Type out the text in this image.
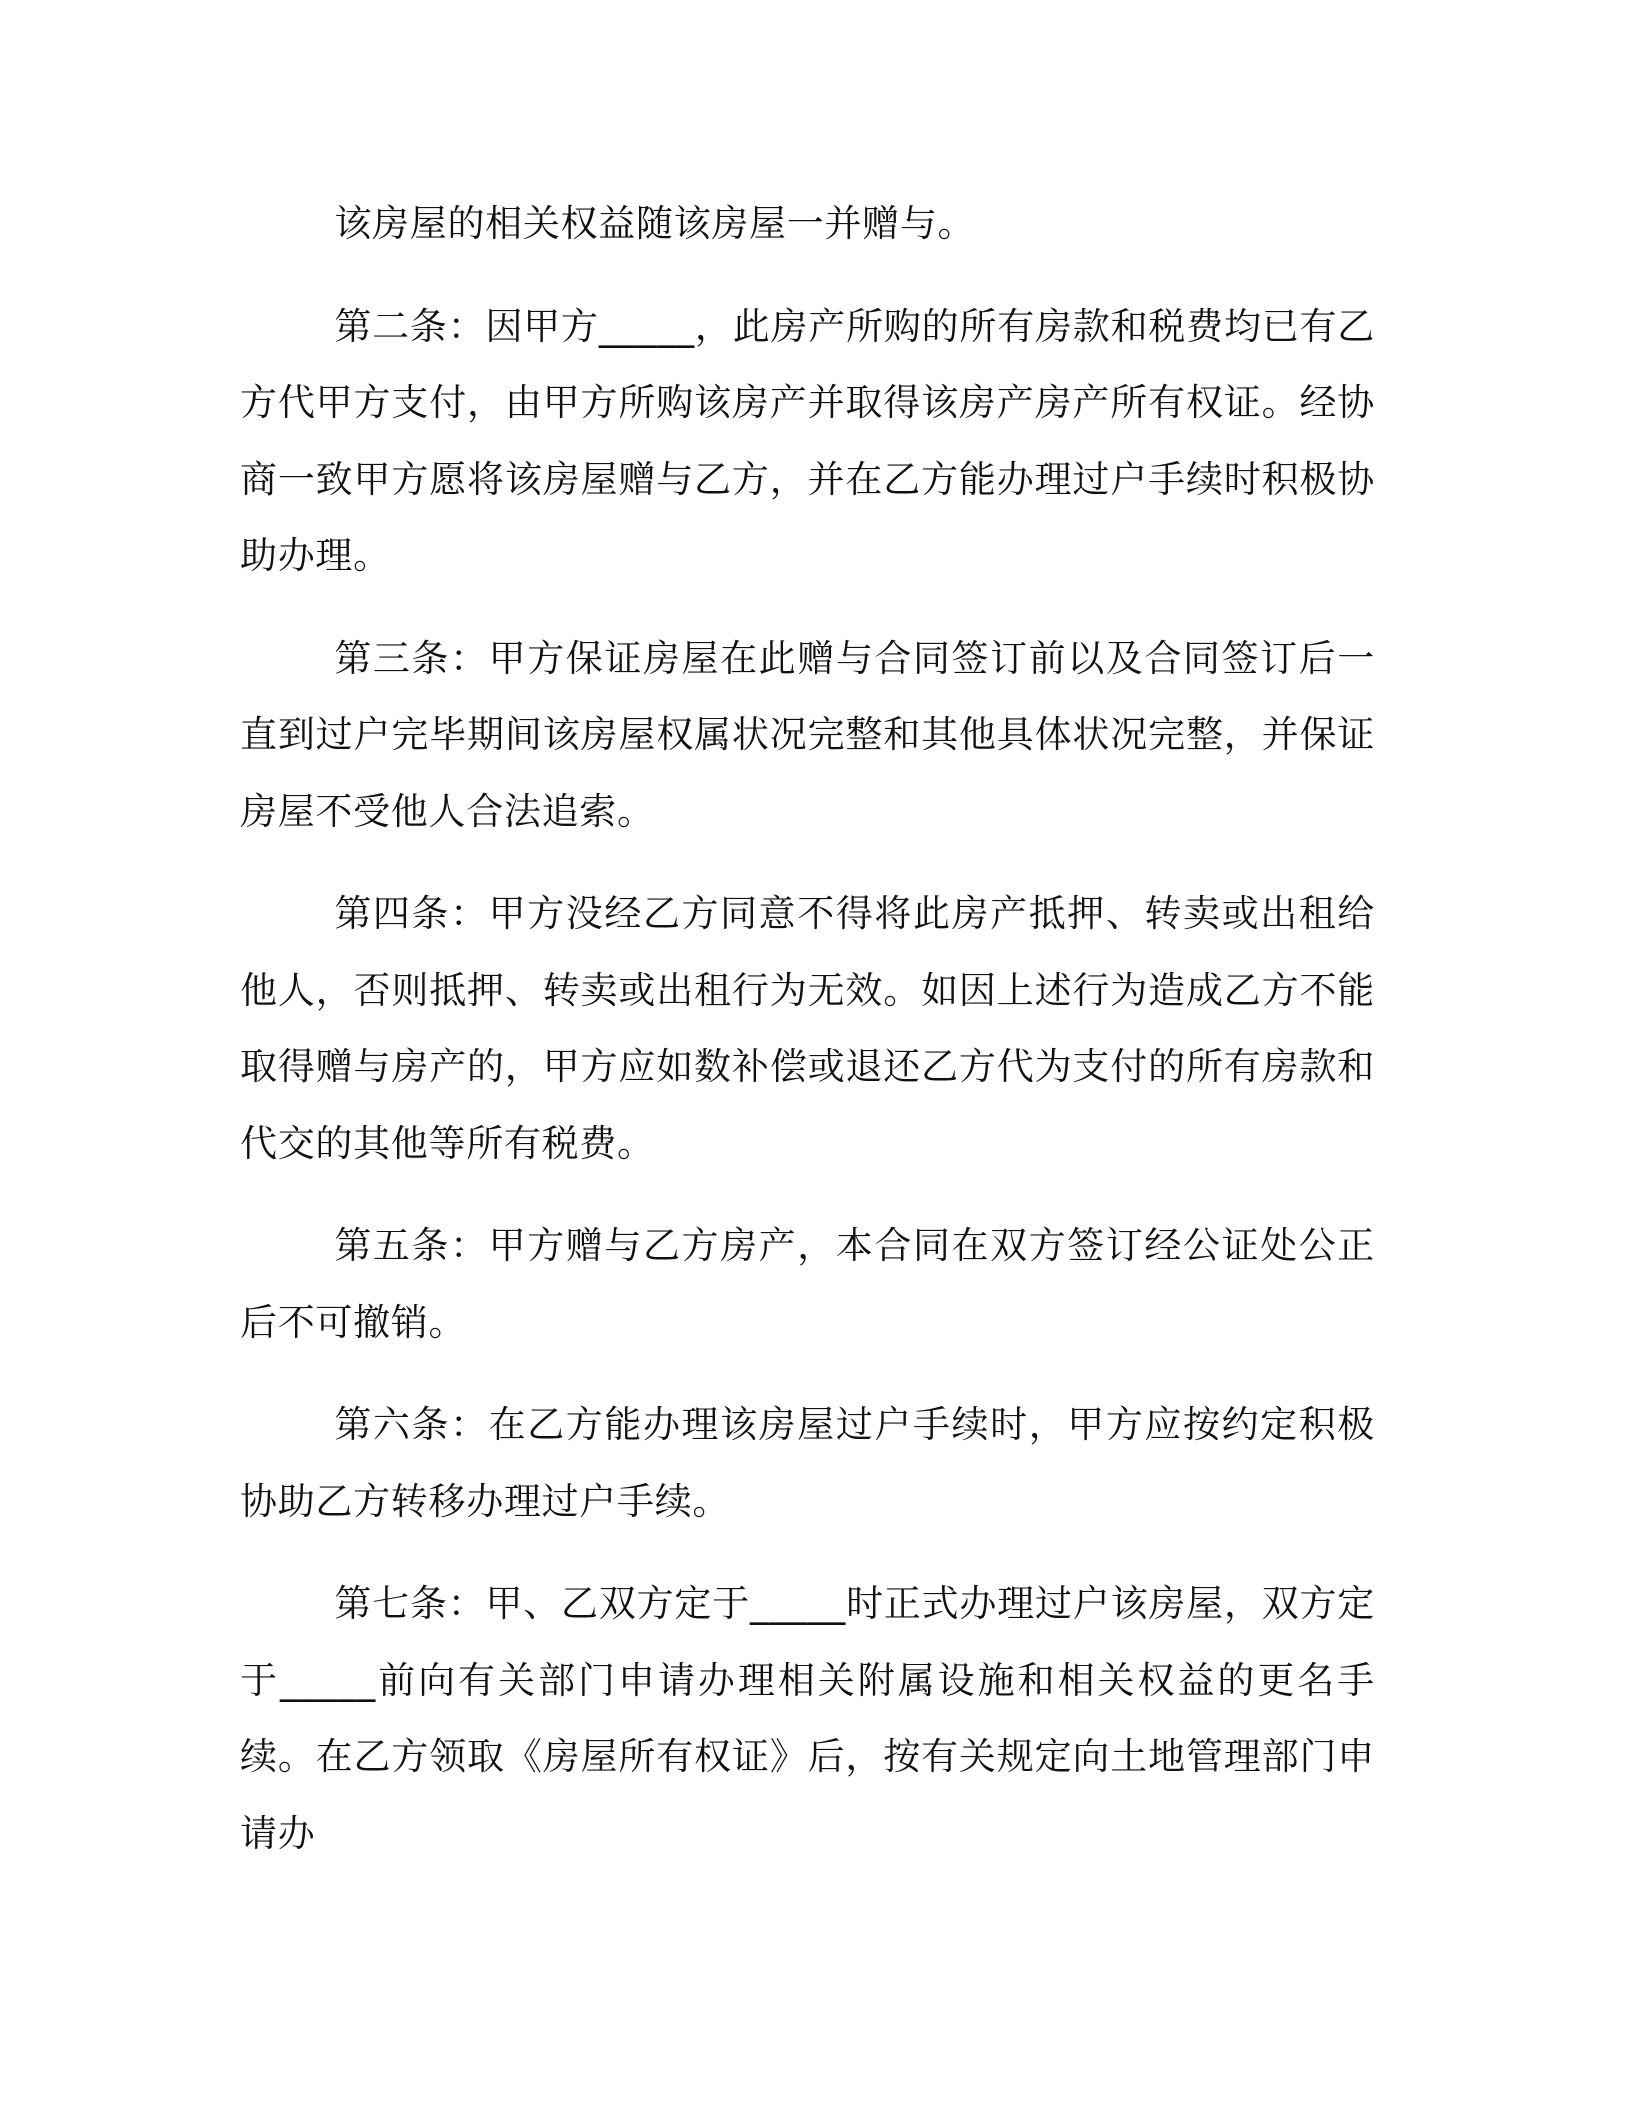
该房屋的相关权益随该房屋一并赠与。

第二条：因甲方_____，此房产所购的所有房款和税费均已有乙方代甲方支付，由甲方所购该房产并取得该房产房产所有权证。经协商一致甲方愿将该房屋赠与乙方，并在乙方能办理过户手续时积极协助办理。

第三条：甲方保证房屋在此赠与合同签订前以及合同签订后一直到过户完毕期间该房屋权属状况完整和其他具体状况完整，并保证房屋不受他人合法追索。

第四条：甲方没经乙方同意不得将此房产抵押、转卖或出租给他人，否则抵押、转卖或出租行为无效。如因上述行为造成乙方不能取得赠与房产的，甲方应如数补偿或退还乙方代为支付的所有房款和代交的其他等所有税费。

第五条：甲方赠与乙方房产，本合同在双方签订经公证处公正后不可撤销。

第六条：在乙方能办理该房屋过户手续时，甲方应按约定积极协助乙方转移办理过户手续。

第七条：甲、乙双方定于_____时正式办理过户该房屋，双方定于_____前向有关部门申请办理相关附属设施和相关权益的更名手续。在乙方领取《房屋所有权证》后，按有关规定向土地管理部门申请办
